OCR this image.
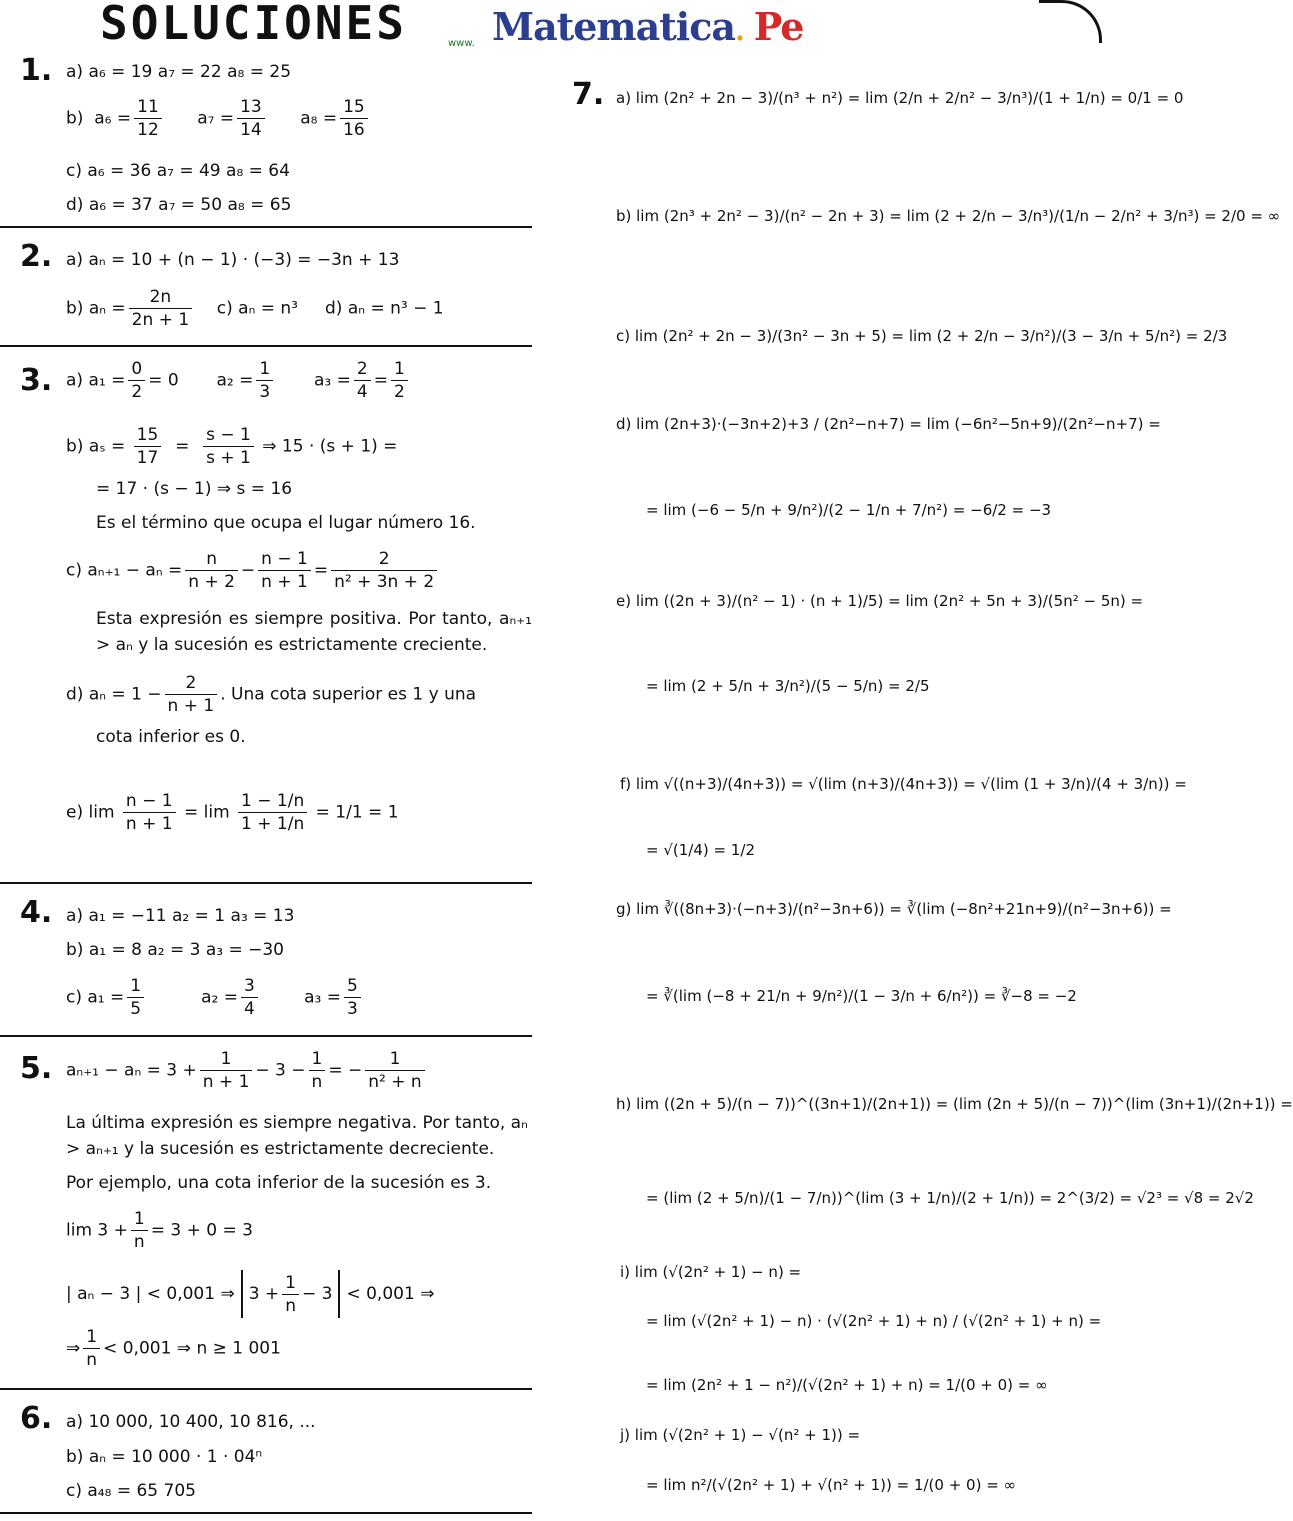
SOLUCIONES	www. Matematica. Pe
1. a) a₆ = 19 a₇ = 22 a₈ = 25
b) $a_6 = \frac{11}{12} a_7 = \frac{13}{14} a_8 = \frac{15}{16}$
c) a₆ = 36 a₇ = 49 a₈ = 64
d) a₆ = 37 a₇ = 50 a₈ = 65
2. a) aₙ = 10 + (n − 1) · (−3) = −3n + 13
b) $a_n = \frac{2n}{2n + 1} c$) aₙ = n³ d) aₙ = n³ − 1
3. a) $a_1 = \frac{0}{2} = 0$ $a_2 = \frac{1}{3} a_3 = \frac{2}{4} = \frac{1}{2}$
b) $a_s = \frac{15}{17} = \frac{s - 1}{s + 1}$ ⇒ 15 · (s + 1) =
= 17 · (s − 1) ⇒ s = 16
Es el término que ocupa el lugar número 16.
c) $a_{n+1} - a_n = \frac{n}{n + 2} - \frac{n - 1}{n + 1} = \frac{2}{\text{n² + 3n + 2}}$
Esta expresión es siempre positiva. Por tanto, aₙ₊₁ > aₙ y la sucesión es estrictamente creciente.
d) $a_n = 1 - \frac{2}{n + 1}$ . Una cota superior es 1 y una
cota inferior es 0.
e) $\lim \frac{n - 1}{n + 1} = \lim \frac{1 - 1/n}{1 + 1/n} = 1/1 = 1$
4. a) a₁ = −11 a₂ = 1 a₃ = 13
b) a₁ = 8 a₂ = 3 a₃ = −30
c) $a_1 = \frac{1}{5}$	$a_2 = \frac{3}{4}$	$a_3 = \frac{5}{3}$
5. $a_{n+1} - a_n = 3 + \frac{1}{n + 1} - 3 - \frac{1}{n}$ = − $\frac{1}{\text{n² + n}}$
La última expresión es siempre negativa. Por tanto, aₙ > aₙ₊₁ y la sucesión es estrictamente decreciente.
Por ejemplo, una cota inferior de la sucesión es 3.
$\lim 3 + \frac{1}{n} = 3 + 0 = 3$
| aₙ − 3 | < 0,001 ⇒ $3 + \frac{1}{n} - 3 < 0,001$ ⇒
⇒ $\frac{1}{n} < 0,001$ ⇒ n ≥ 1 001
6. a) 10 000, 10 400, 10 816, ...
b) aₙ = 10 000 · 1 · 04ⁿ
c) a₄₈ = 65 705
7. a) lim (2n² + 2n − 3)/(n³ + n²) = lim (2/n + 2/n² − 3/n³)/(1 + 1/n) = 0/1 = 0
b) lim (2n³ + 2n² − 3)/(n² − 2n + 3) = lim (2 + 2/n − 3/n³)/(1/n − 2/n² + 3/n³) = 2/0 = ∞
c) lim (2n² + 2n − 3)/(3n² − 3n + 5) = lim (2 + 2/n − 3/n²)/(3 − 3/n + 5/n²) = 2/3
d) lim (2n+3)·(−3n+2)+3 / (2n²−n+7) = lim (−6n²−5n+9)/(2n²−n+7) =
= lim (−6 − 5/n + 9/n²)/(2 − 1/n + 7/n²) = −6/2 = −3
e) lim ((2n + 3)/(n² − 1) · (n + 1)/5) = lim (2n² + 5n + 3)/(5n² − 5n) =
= lim (2 + 5/n + 3/n²)/(5 − 5/n) = 2/5
f) lim √((n+3)/(4n+3)) = √(lim (n+3)/(4n+3)) = √(lim (1 + 3/n)/(4 + 3/n)) =
= √(1/4) = 1/2
g) lim ∛((8n+3)·(−n+3)/(n²−3n+6)) = ∛(lim (−8n²+21n+9)/(n²−3n+6)) =
= ∛(lim (−8 + 21/n + 9/n²)/(1 − 3/n + 6/n²)) = ∛−8 = −2
h) lim ((2n + 5)/(n − 7))^((3n+1)/(2n+1)) = (lim (2n + 5)/(n − 7))^(lim (3n+1)/(2n+1)) =
= (lim (2 + 5/n)/(1 − 7/n))^(lim (3 + 1/n)/(2 + 1/n)) = 2^(3/2) = √2³ = √8 = 2√2
i) lim (√(2n² + 1) − n) =
= lim (√(2n² + 1) − n) · (√(2n² + 1) + n) / (√(2n² + 1) + n) =
= lim (2n² + 1 − n²)/(√(2n² + 1) + n) = 1/(0 + 0) = ∞
j) lim (√(2n² + 1) − √(n² + 1)) =
= lim n²/(√(2n² + 1) + √(n² + 1)) = 1/(0 + 0) = ∞
